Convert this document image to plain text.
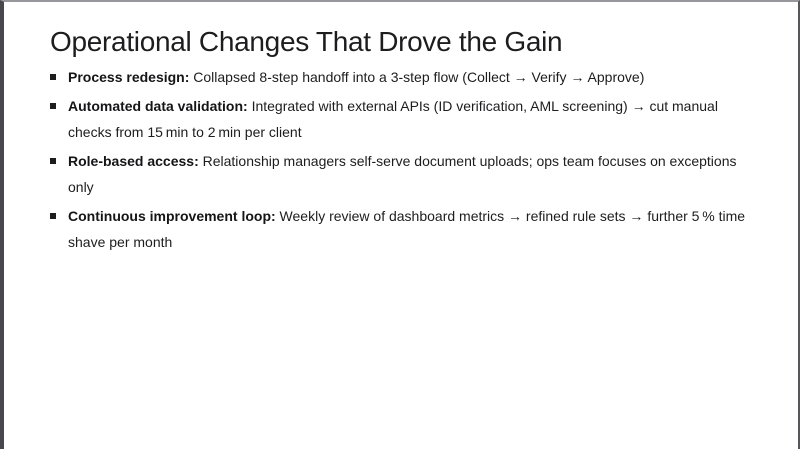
Operational Changes That Drove the Gain
Process redesign: Collapsed 8-step handoff into a 3-step flow (Collect → Verify → Approve)
Automated data validation: Integrated with external APIs (ID verification, AML screening) → cut manual checks from 15 min to 2 min per client
Role-based access: Relationship managers self-serve document uploads; ops team focuses on exceptions only
Continuous improvement loop: Weekly review of dashboard metrics → refined rule sets → further 5 % time shave per month
